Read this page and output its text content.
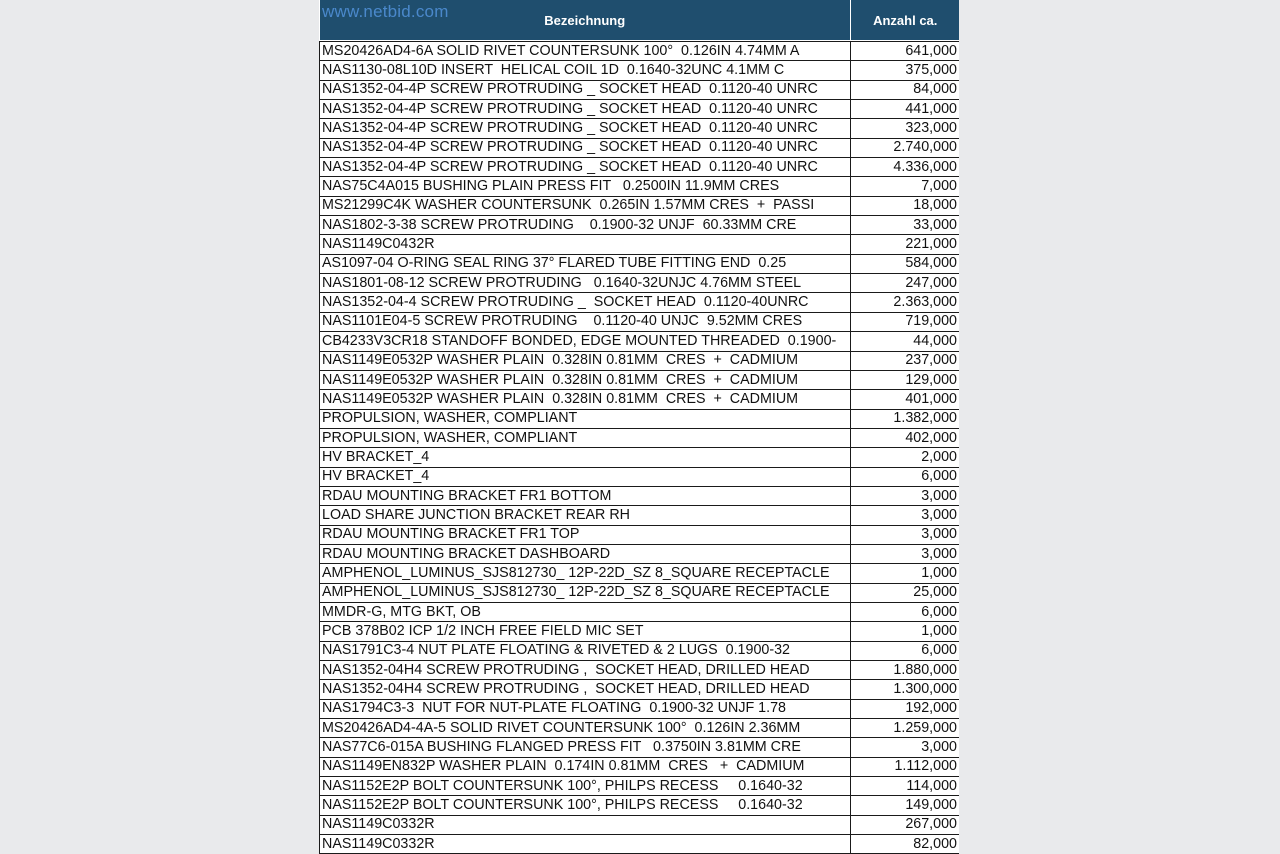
Bezeichnung	Anzahl ca.

MS20426AD4-6A SOLID RIVET COUNTERSUNK 100°  0.126IN 4.74MM A	641,000
NAS1130-08L10D INSERT  HELICAL COIL 1D  0.1640-32UNC 4.1MM C	375,000
NAS1352-04-4P SCREW PROTRUDING _ SOCKET HEAD  0.1120-40 UNRC	84,000
NAS1352-04-4P SCREW PROTRUDING _ SOCKET HEAD  0.1120-40 UNRC	441,000
NAS1352-04-4P SCREW PROTRUDING _ SOCKET HEAD  0.1120-40 UNRC	323,000
NAS1352-04-4P SCREW PROTRUDING _ SOCKET HEAD  0.1120-40 UNRC	2.740,000
NAS1352-04-4P SCREW PROTRUDING _ SOCKET HEAD  0.1120-40 UNRC	4.336,000
NAS75C4A015 BUSHING PLAIN PRESS FIT   0.2500IN 11.9MM CRES	7,000
MS21299C4K WASHER COUNTERSUNK  0.265IN 1.57MM CRES  +  PASSI	18,000
NAS1802-3-38 SCREW PROTRUDING    0.1900-32 UNJF  60.33MM CRE	33,000
NAS1149C0432R	221,000
AS1097-04 O-RING SEAL RING 37° FLARED TUBE FITTING END  0.25	584,000
NAS1801-08-12 SCREW PROTRUDING   0.1640-32UNJC 4.76MM STEEL	247,000
NAS1352-04-4 SCREW PROTRUDING _  SOCKET HEAD  0.1120-40UNRC	2.363,000
NAS1101E04-5 SCREW PROTRUDING    0.1120-40 UNJC  9.52MM CRES	719,000
CB4233V3CR18 STANDOFF BONDED, EDGE MOUNTED THREADED  0.1900-	44,000
NAS1149E0532P WASHER PLAIN  0.328IN 0.81MM  CRES  +  CADMIUM	237,000
NAS1149E0532P WASHER PLAIN  0.328IN 0.81MM  CRES  +  CADMIUM	129,000
NAS1149E0532P WASHER PLAIN  0.328IN 0.81MM  CRES  +  CADMIUM	401,000
PROPULSION, WASHER, COMPLIANT	1.382,000
PROPULSION, WASHER, COMPLIANT	402,000
HV BRACKET_4	2,000
HV BRACKET_4	6,000
RDAU MOUNTING BRACKET FR1 BOTTOM	3,000
LOAD SHARE JUNCTION BRACKET REAR RH	3,000
RDAU MOUNTING BRACKET FR1 TOP	3,000
RDAU MOUNTING BRACKET DASHBOARD	3,000
AMPHENOL_LUMINUS_SJS812730_ 12P-22D_SZ 8_SQUARE RECEPTACLE	1,000
AMPHENOL_LUMINUS_SJS812730_ 12P-22D_SZ 8_SQUARE RECEPTACLE	25,000
MMDR-G, MTG BKT, OB	6,000
PCB 378B02 ICP 1/2 INCH FREE FIELD MIC SET	1,000
NAS1791C3-4 NUT PLATE FLOATING & RIVETED & 2 LUGS  0.1900-32	6,000
NAS1352-04H4 SCREW PROTRUDING ,  SOCKET HEAD, DRILLED HEAD	1.880,000
NAS1352-04H4 SCREW PROTRUDING ,  SOCKET HEAD, DRILLED HEAD	1.300,000
NAS1794C3-3  NUT FOR NUT-PLATE FLOATING  0.1900-32 UNJF 1.78	192,000
MS20426AD4-4A-5 SOLID RIVET COUNTERSUNK 100°  0.126IN 2.36MM	1.259,000
NAS77C6-015A BUSHING FLANGED PRESS FIT   0.3750IN 3.81MM CRE	3,000
NAS1149EN832P WASHER PLAIN  0.174IN 0.81MM  CRES   +  CADMIUM	1.112,000
NAS1152E2P BOLT COUNTERSUNK 100°, PHILPS RECESS     0.1640-32	114,000
NAS1152E2P BOLT COUNTERSUNK 100°, PHILPS RECESS     0.1640-32	149,000
NAS1149C0332R	267,000
NAS1149C0332R	82,000
www.netbid.com
